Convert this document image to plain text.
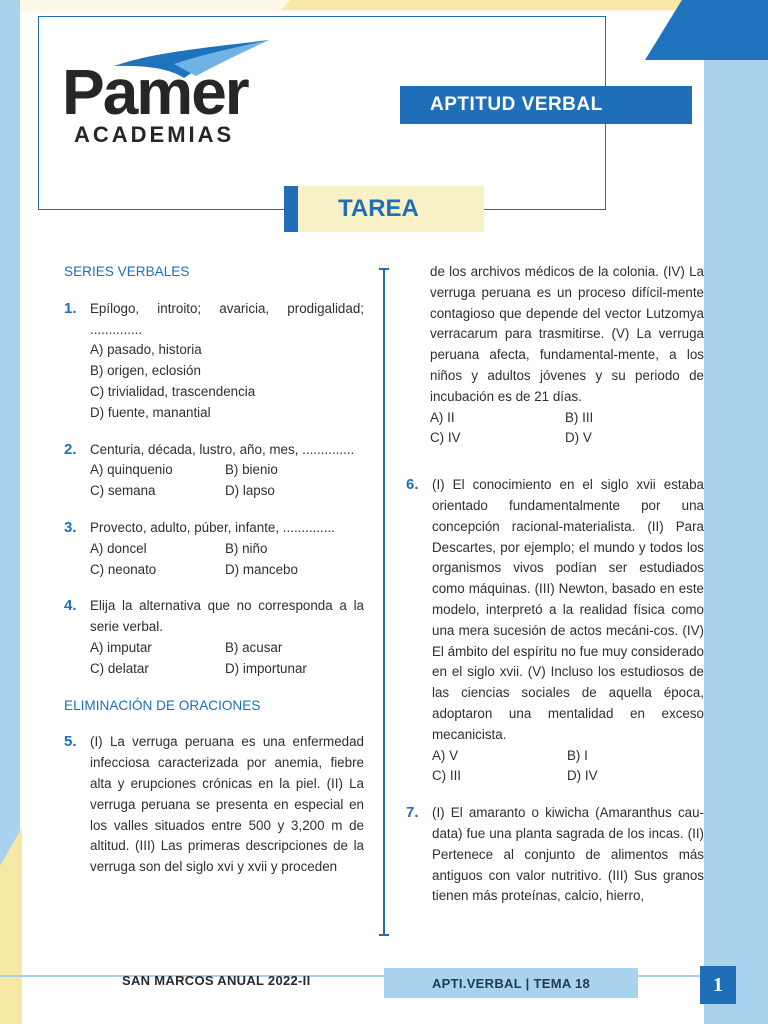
Pamer
ACADEMIAS
APTITUD VERBAL
TAREA
SERIES VERBALES
1. Epílogo, introito; avaricia, prodigalidad; ..............
A) pasado, historia
B) origen, eclosión
C) trivialidad, trascendencia
D) fuente, manantial
2. Centuria, década, lustro, año, mes, ..............
A) quinquenio	B) bienio
C) semana	D) lapso
3. Provecto, adulto, púber, infante, ..............
A) doncel	B) niño
C) neonato	D) mancebo
4. Elija la alternativa que no corresponda a la serie verbal.
A) imputar	B) acusar
C) delatar	D) importunar
ELIMINACIÓN DE ORACIONES
5. (I) La verruga peruana es una enfermedad infecciosa caracterizada por anemia, fiebre alta y erupciones crónicas en la piel. (II) La verruga peruana se presenta en especial en los valles situados entre 500 y 3,200 m de altitud. (III) Las primeras descripciones de la verruga son del siglo xvi y xvii y proceden
de los archivos médicos de la colonia. (IV) La verruga peruana es un proceso difícil-mente contagioso que depende del vector Lutzomya verracarum para trasmitirse. (V) La verruga peruana afecta, fundamental-mente, a los niños y adultos jóvenes y su periodo de incubación es de 21 días.
A) II	B) III
C) IV	D) V
6. (I) El conocimiento en el siglo xvii estaba orientado fundamentalmente por una concepción racional-materialista. (II) Para Descartes, por ejemplo; el mundo y todos los organismos vivos podían ser estudiados como máquinas. (III) Newton, basado en este modelo, interpretó a la realidad física como una mera sucesión de actos mecáni-cos. (IV) El ámbito del espíritu no fue muy considerado en el siglo xvii. (V) Incluso los estudiosos de las ciencias sociales de aquella época, adoptaron una mentalidad en exceso mecanicista.
A) V	B) I
C) III	D) IV
7. (I) El amaranto o kiwicha (Amaranthus cau-data) fue una planta sagrada de los incas. (II) Pertenece al conjunto de alimentos más antiguos con valor nutritivo. (III) Sus granos tienen más proteínas, calcio, hierro,
SAN MARCOS ANUAL 2022-II	APTI.VERBAL | TEMA 18	1
